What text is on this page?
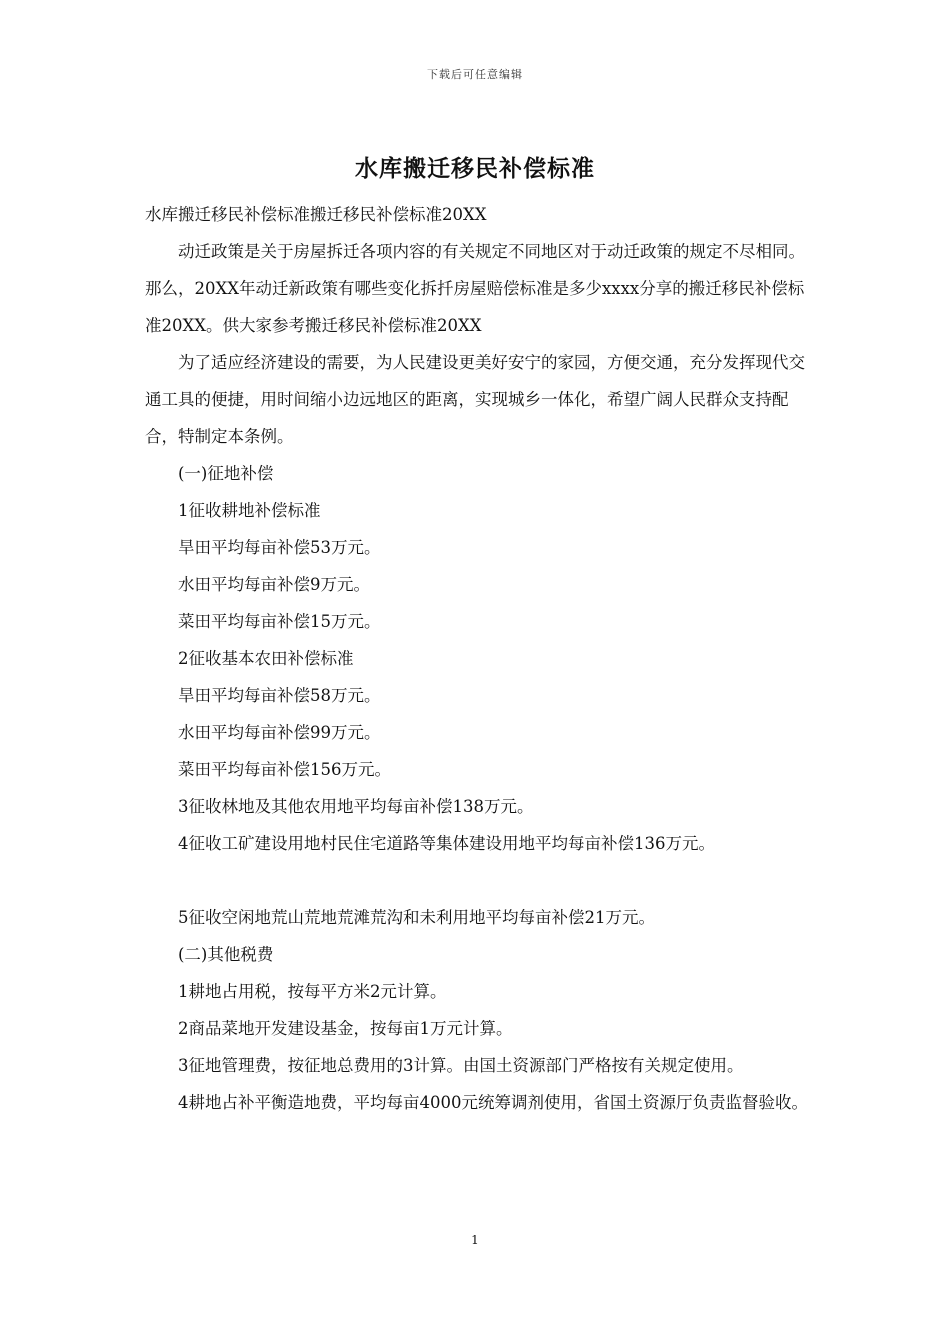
下载后可任意编辑
水库搬迁移民补偿标准

水库搬迁移民补偿标准搬迁移民补偿标准20XX

动迁政策是关于房屋拆迁各项内容的有关规定不同地区对于动迁政策的规定不尽相同。那么，20XX年动迁新政策有哪些变化拆扦房屋赔偿标准是多少xxxx分享的搬迁移民补偿标准20XX。供大家参考搬迁移民补偿标准20XX

为了适应经济建设的需要，为人民建设更美好安宁的家园，方便交通，充分发挥现代交通工具的便捷，用时间缩小边远地区的距离，实现城乡一体化，希望广阔人民群众支持配合，特制定本条例。

(一)征地补偿

1征收耕地补偿标准

旱田平均每亩补偿53万元。

水田平均每亩补偿9万元。

菜田平均每亩补偿15万元。

2征收基本农田补偿标准

旱田平均每亩补偿58万元。

水田平均每亩补偿99万元。

菜田平均每亩补偿156万元。

3征收林地及其他农用地平均每亩补偿138万元。

4征收工矿建设用地村民住宅道路等集体建设用地平均每亩补偿136万元。

5征收空闲地荒山荒地荒滩荒沟和未利用地平均每亩补偿21万元。

(二)其他税费

1耕地占用税，按每平方米2元计算。

2商品菜地开发建设基金，按每亩1万元计算。

3征地管理费，按征地总费用的3计算。由国土资源部门严格按有关规定使用。

4耕地占补平衡造地费，平均每亩4000元统筹调剂使用，省国土资源厅负责监督验收。

1
